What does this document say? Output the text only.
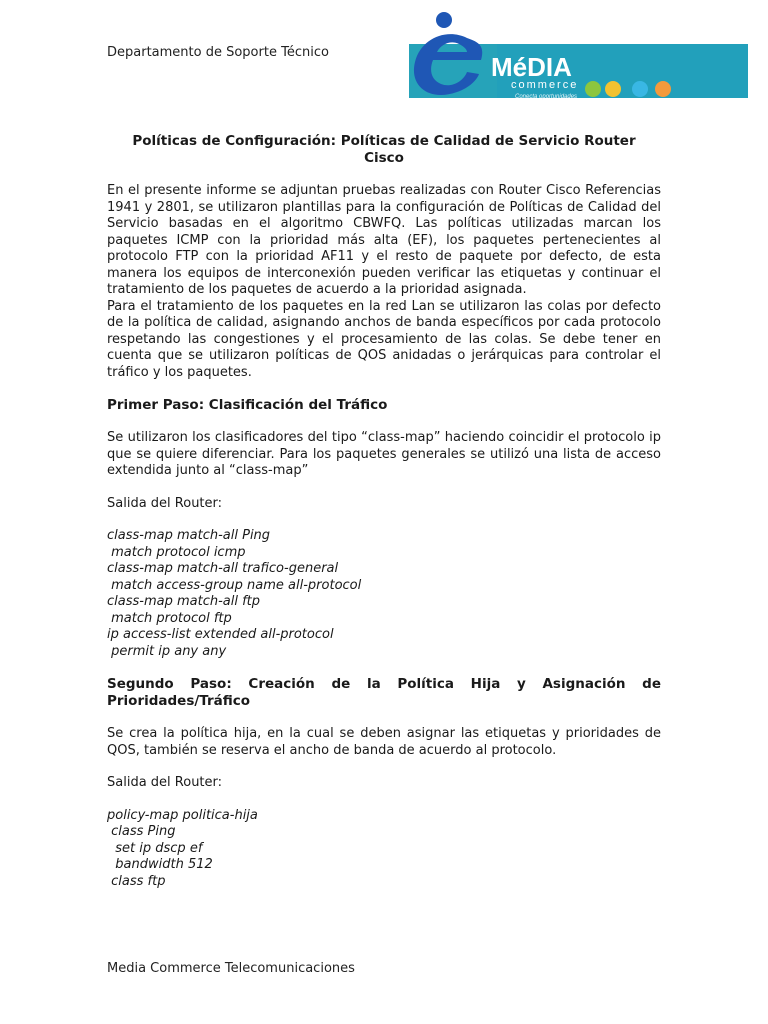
Departamento de Soporte Técnico	MéDIA
commerce
Conecta oportunidades
Políticas de Configuración: Políticas de Calidad de Servicio Router Cisco

En el presente informe se adjuntan pruebas realizadas con Router Cisco Referencias 1941 y 2801, se utilizaron plantillas para la configuración de Políticas de Calidad del Servicio basadas en el algoritmo CBWFQ. Las políticas utilizadas marcan los paquetes ICMP con la prioridad más alta (EF), los paquetes pertenecientes al protocolo FTP con la prioridad AF11 y el resto de paquete por defecto, de esta manera los equipos de interconexión pueden verificar las etiquetas y continuar el tratamiento de los paquetes de acuerdo a la prioridad asignada.

Para el tratamiento de los paquetes en la red Lan se utilizaron las colas por defecto de la política de calidad, asignando anchos de banda específicos por cada protocolo respetando las congestiones y el procesamiento de las colas. Se debe tener en cuenta que se utilizaron políticas de QOS anidadas o jerárquicas para controlar el tráfico y los paquetes.

Primer Paso: Clasificación del Tráfico

Se utilizaron los clasificadores del tipo “class-map” haciendo coincidir el protocolo ip que se quiere diferenciar. Para los paquetes generales se utilizó una lista de acceso extendida junto al “class-map”

Salida del Router:

class-map match-all Ping
match protocol icmp
class-map match-all trafico-general
match access-group name all-protocol
class-map match-all ftp
match protocol ftp
ip access-list extended all-protocol
permit ip any any
Segundo Paso: Creación de la Política Hija y Asignación de Prioridades/Tráfico

Se crea la política hija, en la cual se deben asignar las etiquetas y prioridades de QOS, también se reserva el ancho de banda de acuerdo al protocolo.

Salida del Router:

policy-map politica-hija
class Ping
set ip dscp ef
bandwidth 512
class ftp
Media Commerce Telecomunicaciones
